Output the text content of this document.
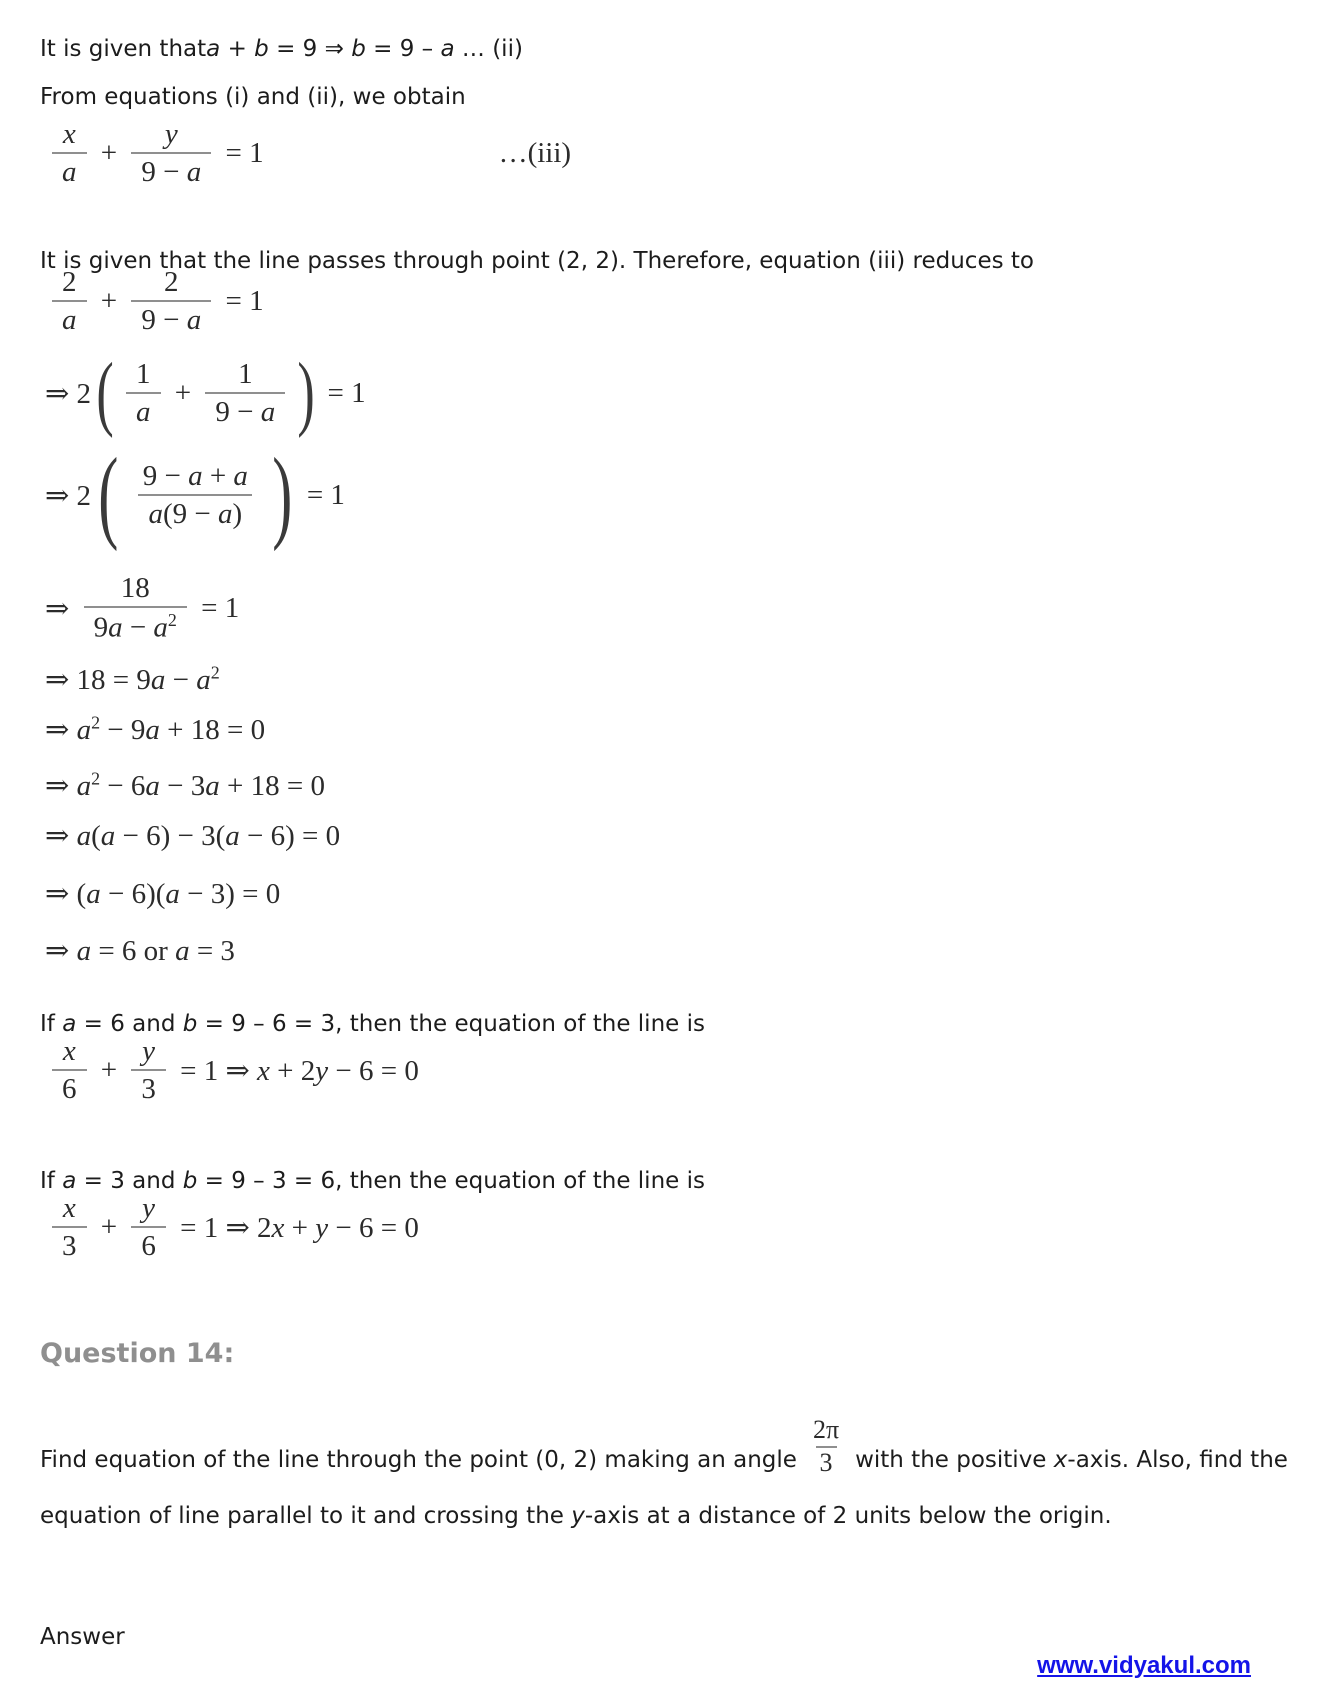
It is given thata + b = 9 ⇒ b = 9 – a … (ii)

From equations (i) and (ii), we obtain

$\frac{x}{a} + \frac{y}{9 - a} = 1$	…(iii)

It is given that the line passes through point (2, 2). Therefore, equation (iii) reduces to

$\frac{2}{a} + \frac{2}{9 - a} = 1$
⇒ 2 ( $\frac{1}{a} + \frac{1}{9 - a}$ ) = 1
⇒ 2 ( $\frac{9 - a + a}{a(9 - a)}$ ) = 1
⇒ $\frac{18}{9a - a^2} = 1$
⇒ $18 = 9a - a^2$
⇒ $a^2 - 9a + 18 = 0$
⇒ $a^2 - 6a - 3a + 18 = 0$
⇒ a(a − 6) − 3(a − 6) = 0
⇒ (a − 6)(a − 3) = 0
⇒ a = 6 or a = 3

If a = 6 and b = 9 – 6 = 3, then the equation of the line is

$\frac{x}{6} + \frac{y}{3} = 1$ ⇒ x + 2y − 6 = 0

If a = 3 and b = 9 – 3 = 6, then the equation of the line is

$\frac{x}{3} + \frac{y}{6} = 1$ ⇒ 2x + y − 6 = 0
Question 14:

Find equation of the line through the point (0, 2) making an angle $\frac{2\pi}{3}$ with the positive x-axis. Also, find the equation of line parallel to it and crossing the y-axis at a distance of 2 units below the origin.

Answer

www.vidyakul.com
